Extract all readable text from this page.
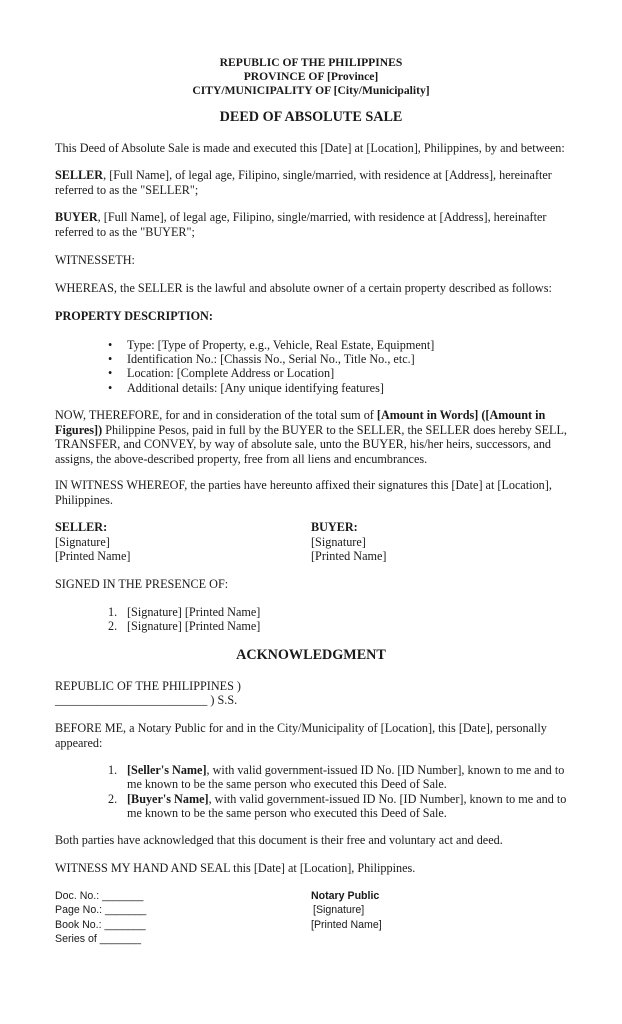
REPUBLIC OF THE PHILIPPINES
PROVINCE OF [Province]
CITY/MUNICIPALITY OF [City/Municipality]
DEED OF ABSOLUTE SALE
This Deed of Absolute Sale is made and executed this [Date] at [Location], Philippines, by and between:
SELLER, [Full Name], of legal age, Filipino, single/married, with residence at [Address], hereinafter referred to as the "SELLER";
BUYER, [Full Name], of legal age, Filipino, single/married, with residence at [Address], hereinafter referred to as the "BUYER";
WITNESSETH:
WHEREAS, the SELLER is the lawful and absolute owner of a certain property described as follows:
PROPERTY DESCRIPTION:
• Type: [Type of Property, e.g., Vehicle, Real Estate, Equipment]
• Identification No.: [Chassis No., Serial No., Title No., etc.]
• Location: [Complete Address or Location]
• Additional details: [Any unique identifying features]
NOW, THEREFORE, for and in consideration of the total sum of [Amount in Words] ([Amount in Figures]) Philippine Pesos, paid in full by the BUYER to the SELLER, the SELLER does hereby SELL, TRANSFER, and CONVEY, by way of absolute sale, unto the BUYER, his/her heirs, successors, and assigns, the above-described property, free from all liens and encumbrances.
IN WITNESS WHEREOF, the parties have hereunto affixed their signatures this [Date] at [Location], Philippines.
SELLER:
[Signature]
[Printed Name]
BUYER:
[Signature]
[Printed Name]
SIGNED IN THE PRESENCE OF:
1. [Signature] [Printed Name]
2. [Signature] [Printed Name]
ACKNOWLEDGMENT
REPUBLIC OF THE PHILIPPINES )
_________________________ ) S.S.
BEFORE ME, a Notary Public for and in the City/Municipality of [Location], this [Date], personally appeared:
1. [Seller's Name], with valid government-issued ID No. [ID Number], known to me and to me known to be the same person who executed this Deed of Sale.
2. [Buyer's Name], with valid government-issued ID No. [ID Number], known to me and to me known to be the same person who executed this Deed of Sale.
Both parties have acknowledged that this document is their free and voluntary act and deed.
WITNESS MY HAND AND SEAL this [Date] at [Location], Philippines.
Doc. No.: _______
Page No.: _______
Book No.: _______
Series of _______
Notary Public
[Signature]
[Printed Name]
